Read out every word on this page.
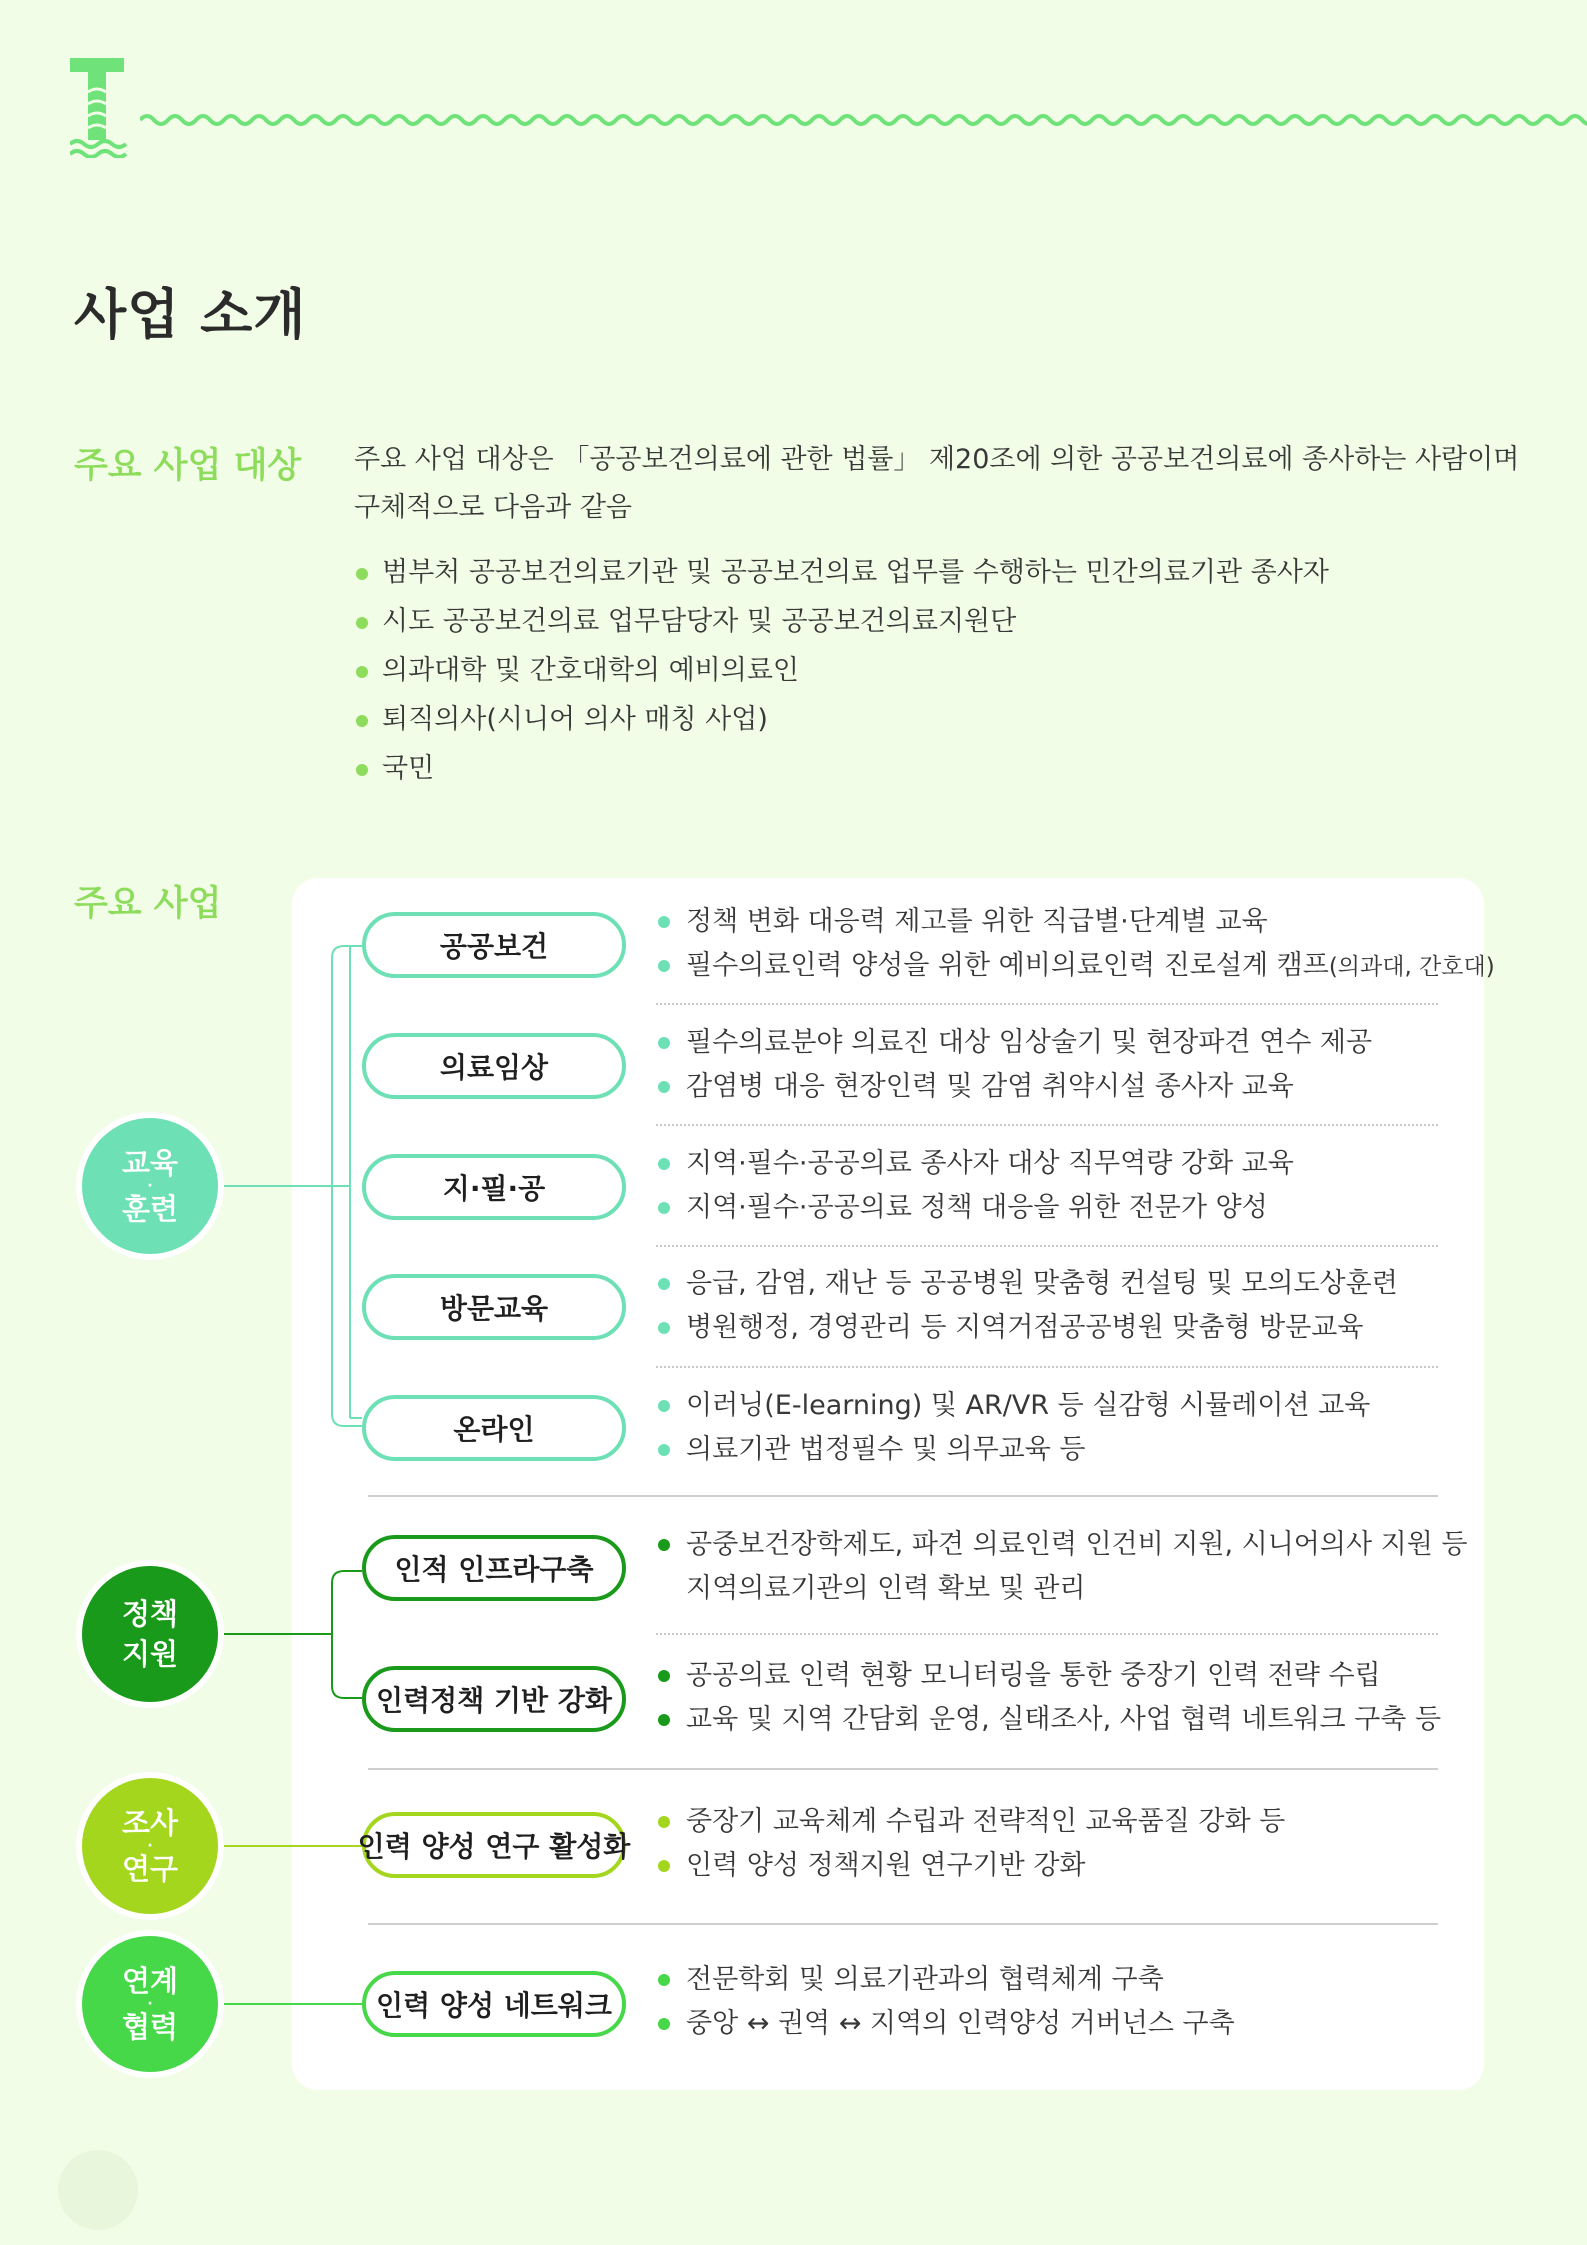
사업 소개
주요 사업 대상 주요 사업 대상은 「공공보건의료에 관한 법률」 제20조에 의한 공공보건의료에 종사하는 사람이며
구체적으로 다음과 같음
범부처 공공보건의료기관 및 공공보건의료 업무를 수행하는 민간의료기관 종사자
시도 공공보건의료 업무담당자 및 공공보건의료지원단
의과대학 및 간호대학의 예비의료인
퇴직의사(시니어 의사 매칭 사업)
국민
주요 사업
교육
·
훈련
정책
지원
조사
·
연구
연계
·
협력
공공보건
의료임상
지·필·공
방문교육
온라인
인적 인프라구축
인력정책 기반 강화
인력 양성 연구 활성화
인력 양성 네트워크
정책 변화 대응력 제고를 위한 직급별·단계별 교육
필수의료인력 양성을 위한 예비의료인력 진로설계 캠프(의과대, 간호대)
필수의료분야 의료진 대상 임상술기 및 현장파견 연수 제공
감염병 대응 현장인력 및 감염 취약시설 종사자 교육
지역·필수·공공의료 종사자 대상 직무역량 강화 교육
지역·필수·공공의료 정책 대응을 위한 전문가 양성
응급, 감염, 재난 등 공공병원 맞춤형 컨설팅 및 모의도상훈련
병원행정, 경영관리 등 지역거점공공병원 맞춤형 방문교육
이러닝(E-learning) 및 AR/VR 등 실감형 시뮬레이션 교육
의료기관 법정필수 및 의무교육 등
공중보건장학제도, 파견 의료인력 인건비 지원, 시니어의사 지원 등
지역의료기관의 인력 확보 및 관리
공공의료 인력 현황 모니터링을 통한 중장기 인력 전략 수립
교육 및 지역 간담회 운영, 실태조사, 사업 협력 네트워크 구축 등
중장기 교육체계 수립과 전략적인 교육품질 강화 등
인력 양성 정책지원 연구기반 강화
전문학회 및 의료기관과의 협력체계 구축
중앙 ↔ 권역 ↔ 지역의 인력양성 거버넌스 구축
